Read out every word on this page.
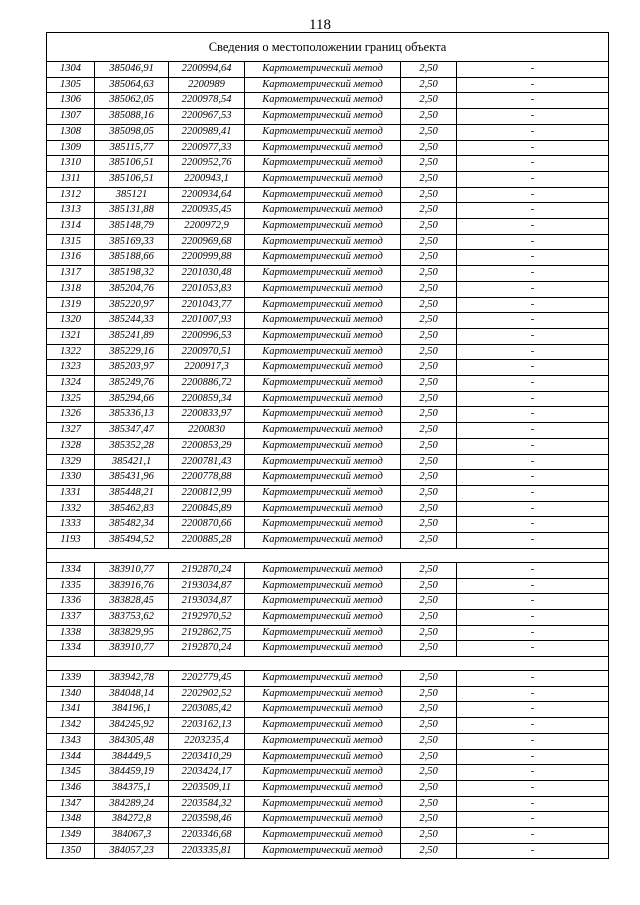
118
Сведения о местоположении границ объекта					
1304	385046,91	2200994,64	Картометрический метод	2,50	-
1305	385064,63	2200989	Картометрический метод	2,50	-
1306	385062,05	2200978,54	Картометрический метод	2,50	-
1307	385088,16	2200967,53	Картометрический метод	2,50	-
1308	385098,05	2200989,41	Картометрический метод	2,50	-
1309	385115,77	2200977,33	Картометрический метод	2,50	-
1310	385106,51	2200952,76	Картометрический метод	2,50	-
1311	385106,51	2200943,1	Картометрический метод	2,50	-
1312	385121	2200934,64	Картометрический метод	2,50	-
1313	385131,88	2200935,45	Картометрический метод	2,50	-
1314	385148,79	2200972,9	Картометрический метод	2,50	-
1315	385169,33	2200969,68	Картометрический метод	2,50	-
1316	385188,66	2200999,88	Картометрический метод	2,50	-
1317	385198,32	2201030,48	Картометрический метод	2,50	-
1318	385204,76	2201053,83	Картометрический метод	2,50	-
1319	385220,97	2201043,77	Картометрический метод	2,50	-
1320	385244,33	2201007,93	Картометрический метод	2,50	-
1321	385241,89	2200996,53	Картометрический метод	2,50	-
1322	385229,16	2200970,51	Картометрический метод	2,50	-
1323	385203,97	2200917,3	Картометрический метод	2,50	-
1324	385249,76	2200886,72	Картометрический метод	2,50	-
1325	385294,66	2200859,34	Картометрический метод	2,50	-
1326	385336,13	2200833,97	Картометрический метод	2,50	-
1327	385347,47	2200830	Картометрический метод	2,50	-
1328	385352,28	2200853,29	Картометрический метод	2,50	-
1329	385421,1	2200781,43	Картометрический метод	2,50	-
1330	385431,96	2200778,88	Картометрический метод	2,50	-
1331	385448,21	2200812,99	Картометрический метод	2,50	-
1332	385462,83	2200845,89	Картометрический метод	2,50	-
1333	385482,34	2200870,66	Картометрический метод	2,50	-
1193	385494,52	2200885,28	Картометрический метод	2,50	-

1334	383910,77	2192870,24	Картометрический метод	2,50	-
1335	383916,76	2193034,87	Картометрический метод	2,50	-
1336	383828,45	2193034,87	Картометрический метод	2,50	-
1337	383753,62	2192970,52	Картометрический метод	2,50	-
1338	383829,95	2192862,75	Картометрический метод	2,50	-
1334	383910,77	2192870,24	Картометрический метод	2,50	-

1339	383942,78	2202779,45	Картометрический метод	2,50	-
1340	384048,14	2202902,52	Картометрический метод	2,50	-
1341	384196,1	2203085,42	Картометрический метод	2,50	-
1342	384245,92	2203162,13	Картометрический метод	2,50	-
1343	384305,48	2203235,4	Картометрический метод	2,50	-
1344	384449,5	2203410,29	Картометрический метод	2,50	-
1345	384459,19	2203424,17	Картометрический метод	2,50	-
1346	384375,1	2203509,11	Картометрический метод	2,50	-
1347	384289,24	2203584,32	Картометрический метод	2,50	-
1348	384272,8	2203598,46	Картометрический метод	2,50	-
1349	384067,3	2203346,68	Картометрический метод	2,50	-
1350	384057,23	2203335,81	Картометрический метод	2,50	-
